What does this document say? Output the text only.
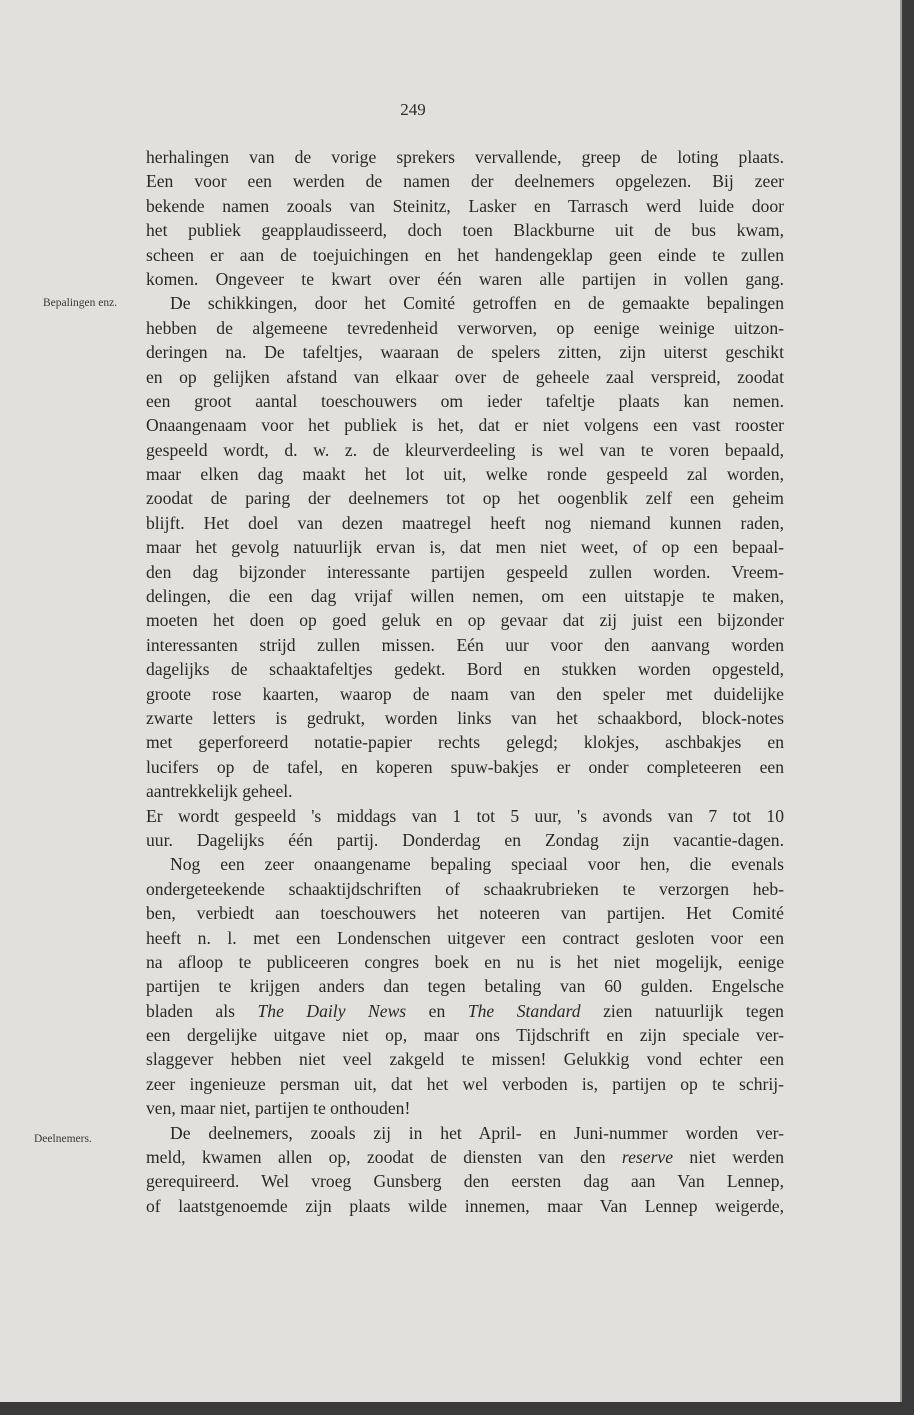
249
Bepalingen enz.
Deelnemers.
herhalingen van de vorige sprekers vervallende, greep de loting plaats.
Een voor een werden de namen der deelnemers opgelezen. Bij zeer
bekende namen zooals van Steinitz, Lasker en Tarrasch werd luide door
het publiek geapplaudisseerd, doch toen Blackburne uit de bus kwam,
scheen er aan de toejuichingen en het handengeklap geen einde te zullen
komen. Ongeveer te kwart over één waren alle partijen in vollen gang.
De schikkingen, door het Comité getroffen en de gemaakte bepalingen
hebben de algemeene tevredenheid verworven, op eenige weinige uitzon-
deringen na. De tafeltjes, waaraan de spelers zitten, zijn uiterst geschikt
en op gelijken afstand van elkaar over de geheele zaal verspreid, zoodat
een groot aantal toeschouwers om ieder tafeltje plaats kan nemen.
Onaangenaam voor het publiek is het, dat er niet volgens een vast rooster
gespeeld wordt, d. w. z. de kleurverdeeling is wel van te voren bepaald,
maar elken dag maakt het lot uit, welke ronde gespeeld zal worden,
zoodat de paring der deelnemers tot op het oogenblik zelf een geheim
blijft. Het doel van dezen maatregel heeft nog niemand kunnen raden,
maar het gevolg natuurlijk ervan is, dat men niet weet, of op een bepaal-
den dag bijzonder interessante partijen gespeeld zullen worden. Vreem-
delingen, die een dag vrijaf willen nemen, om een uitstapje te maken,
moeten het doen op goed geluk en op gevaar dat zij juist een bijzonder
interessanten strijd zullen missen. Eén uur voor den aanvang worden
dagelijks de schaaktafeltjes gedekt. Bord en stukken worden opgesteld,
groote rose kaarten, waarop de naam van den speler met duidelijke
zwarte letters is gedrukt, worden links van het schaakbord, block-notes
met geperforeerd notatie-papier rechts gelegd; klokjes, aschbakjes en
lucifers op de tafel, en koperen spuw-bakjes er onder completeeren een
aantrekkelijk geheel.
Er wordt gespeeld 's middags van 1 tot 5 uur, 's avonds van 7 tot 10
uur. Dagelijks één partij. Donderdag en Zondag zijn vacantie-dagen.
Nog een zeer onaangename bepaling speciaal voor hen, die evenals
ondergeteekende schaaktijdschriften of schaakrubrieken te verzorgen heb-
ben, verbiedt aan toeschouwers het noteeren van partijen. Het Comité
heeft n. l. met een Londenschen uitgever een contract gesloten voor een
na afloop te publiceeren congres boek en nu is het niet mogelijk, eenige
partijen te krijgen anders dan tegen betaling van 60 gulden. Engelsche
bladen als The Daily News en The Standard zien natuurlijk tegen
een dergelijke uitgave niet op, maar ons Tijdschrift en zijn speciale ver-
slaggever hebben niet veel zakgeld te missen! Gelukkig vond echter een
zeer ingenieuze persman uit, dat het wel verboden is, partijen op te schrij-
ven, maar niet, partijen te onthouden!
De deelnemers, zooals zij in het April- en Juni-nummer worden ver-
meld, kwamen allen op, zoodat de diensten van den reserve niet werden
gerequireerd. Wel vroeg Gunsberg den eersten dag aan Van Lennep,
of laatstgenoemde zijn plaats wilde innemen, maar Van Lennep weigerde,
